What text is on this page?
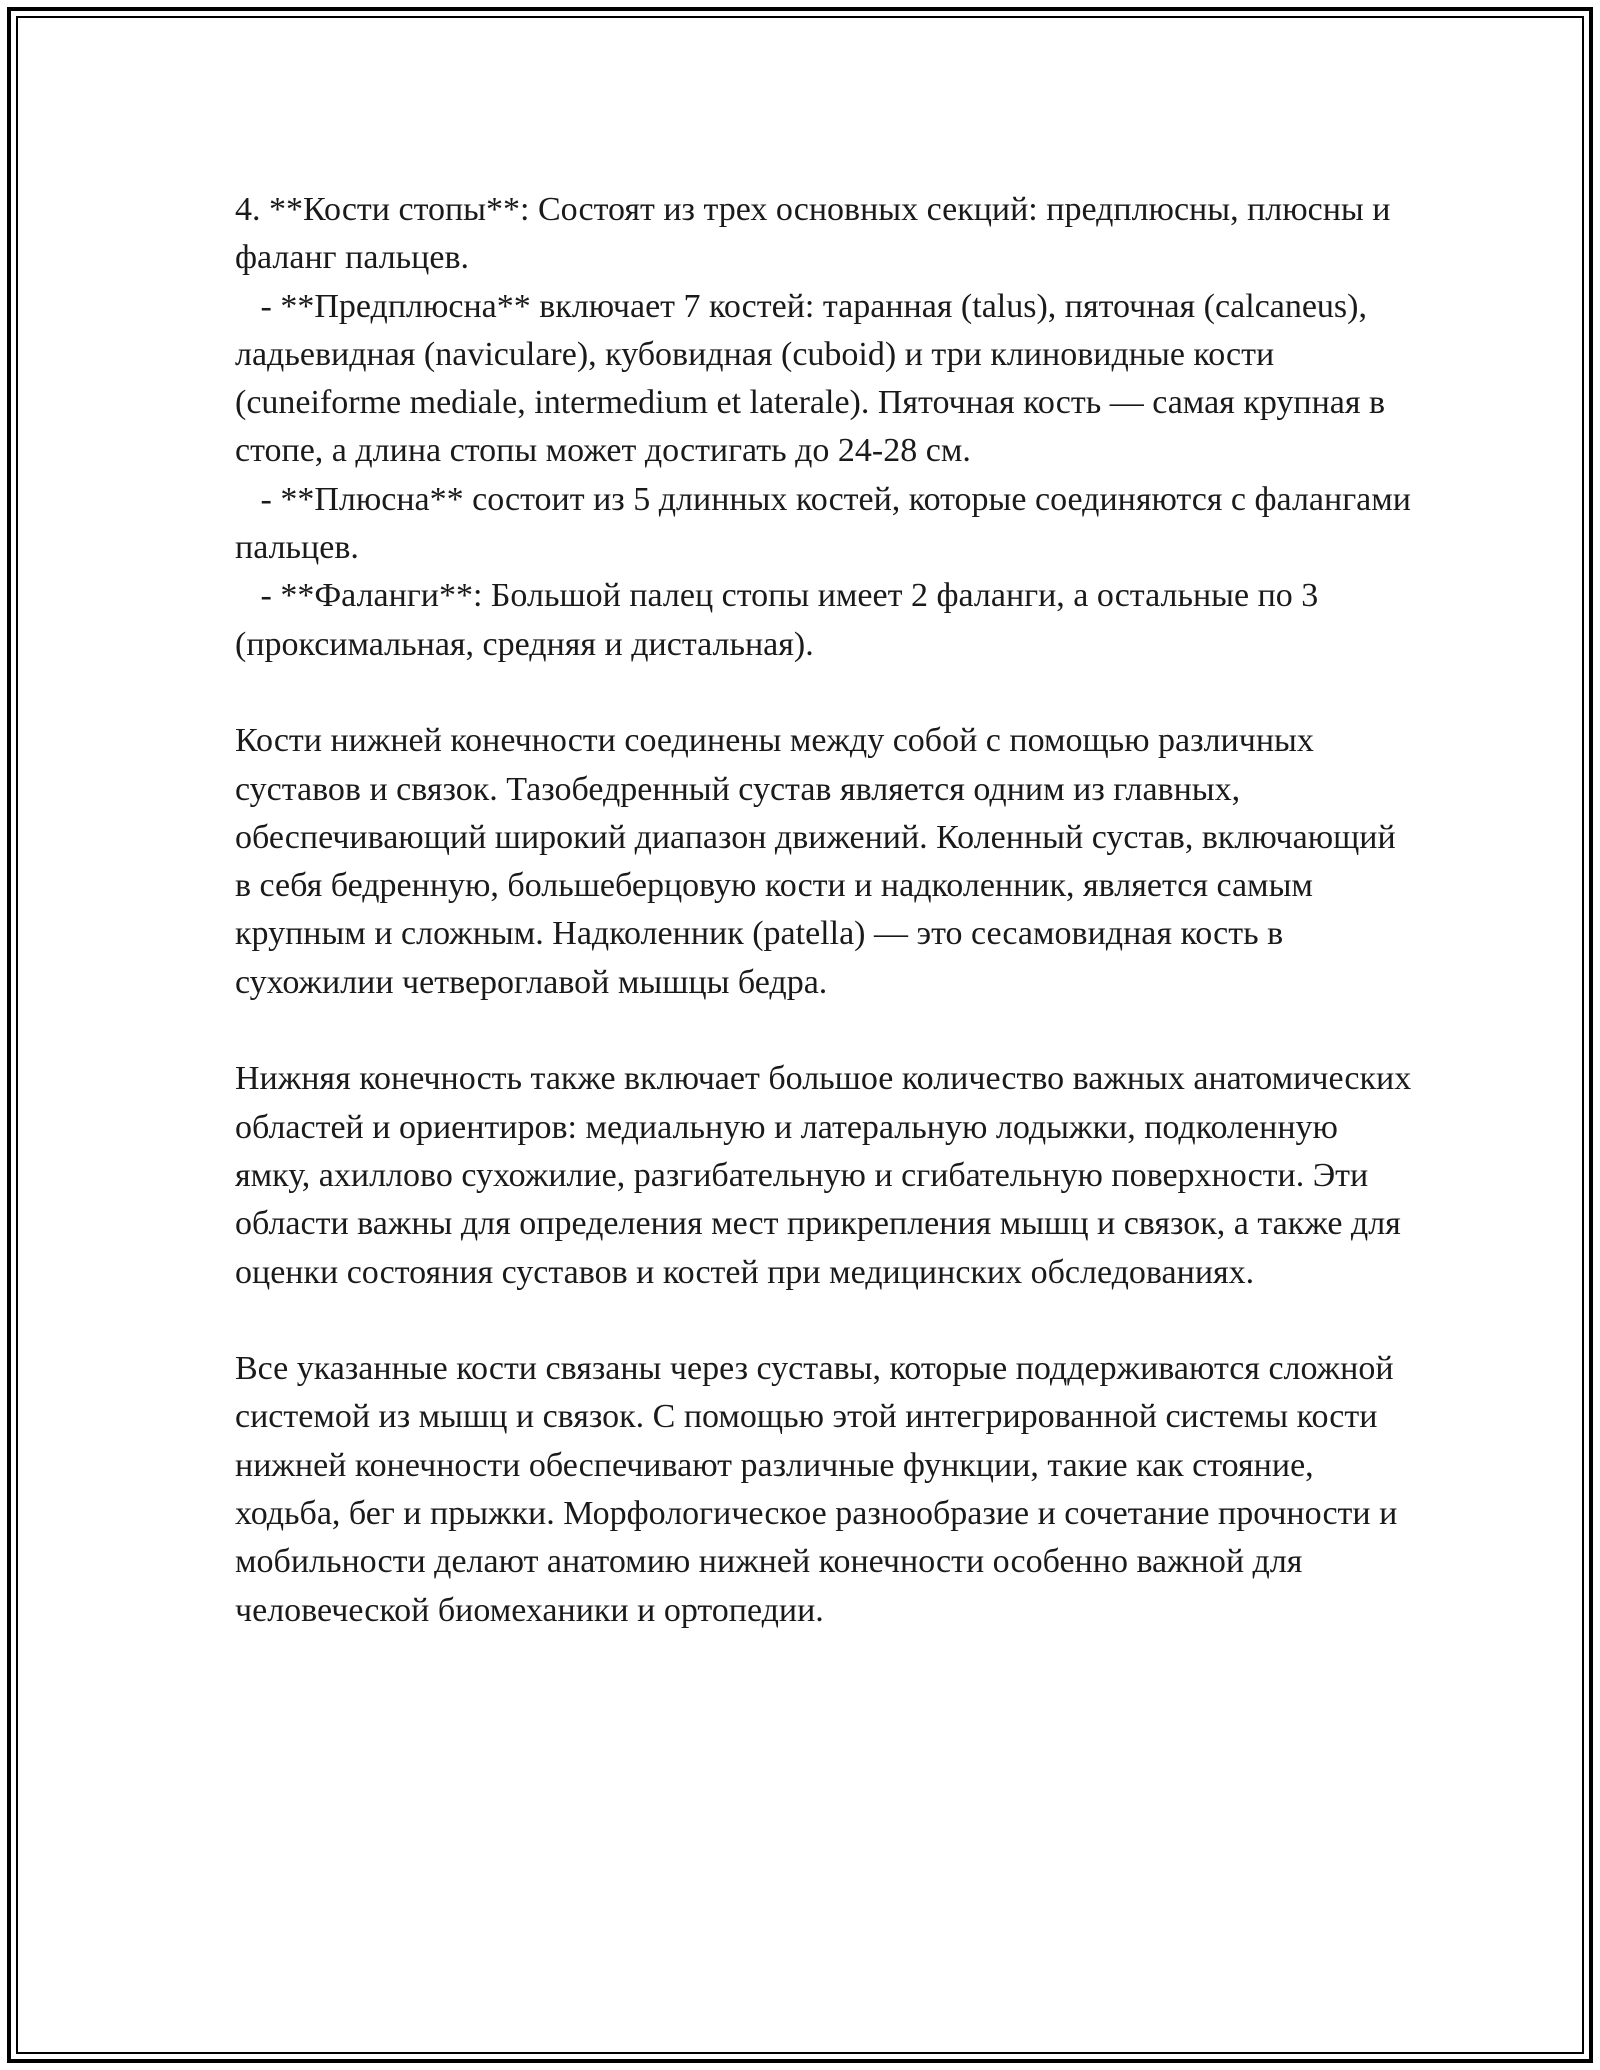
4. **Кости стопы**: Состоят из трех основных секций: предплюсны, плюсны и фаланг пальцев.
- **Предплюсна** включает 7 костей: таранная (talus), пяточная (calcaneus), ладьевидная (naviculare), кубовидная (cuboid) и три клиновидные кости (cuneiforme mediale, intermedium et laterale). Пяточная кость — самая крупная в стопе, а длина стопы может достигать до 24-28 см.
- **Плюсна** состоит из 5 длинных костей, которые соединяются с фалангами пальцев.
- **Фаланги**: Большой палец стопы имеет 2 фаланги, а остальные по 3 (проксимальная, средняя и дистальная).

Кости нижней конечности соединены между собой с помощью различных суставов и связок. Тазобедренный сустав является одним из главных, обеспечивающий широкий диапазон движений. Коленный сустав, включающий в себя бедренную, большеберцовую кости и надколенник, является самым крупным и сложным. Надколенник (patella) — это сесамовидная кость в сухожилии четвероглавой мышцы бедра.

Нижняя конечность также включает большое количество важных анатомических областей и ориентиров: медиальную и латеральную лодыжки, подколенную ямку, ахиллово сухожилие, разгибательную и сгибательную поверхности. Эти области важны для определения мест прикрепления мышц и связок, а также для оценки состояния суставов и костей при медицинских обследованиях.

Все указанные кости связаны через суставы, которые поддерживаются сложной системой из мышц и связок. С помощью этой интегрированной системы кости нижней конечности обеспечивают различные функции, такие как стояние, ходьба, бег и прыжки. Морфологическое разнообразие и сочетание прочности и мобильности делают анатомию нижней конечности особенно важной для человеческой биомеханики и ортопедии.
